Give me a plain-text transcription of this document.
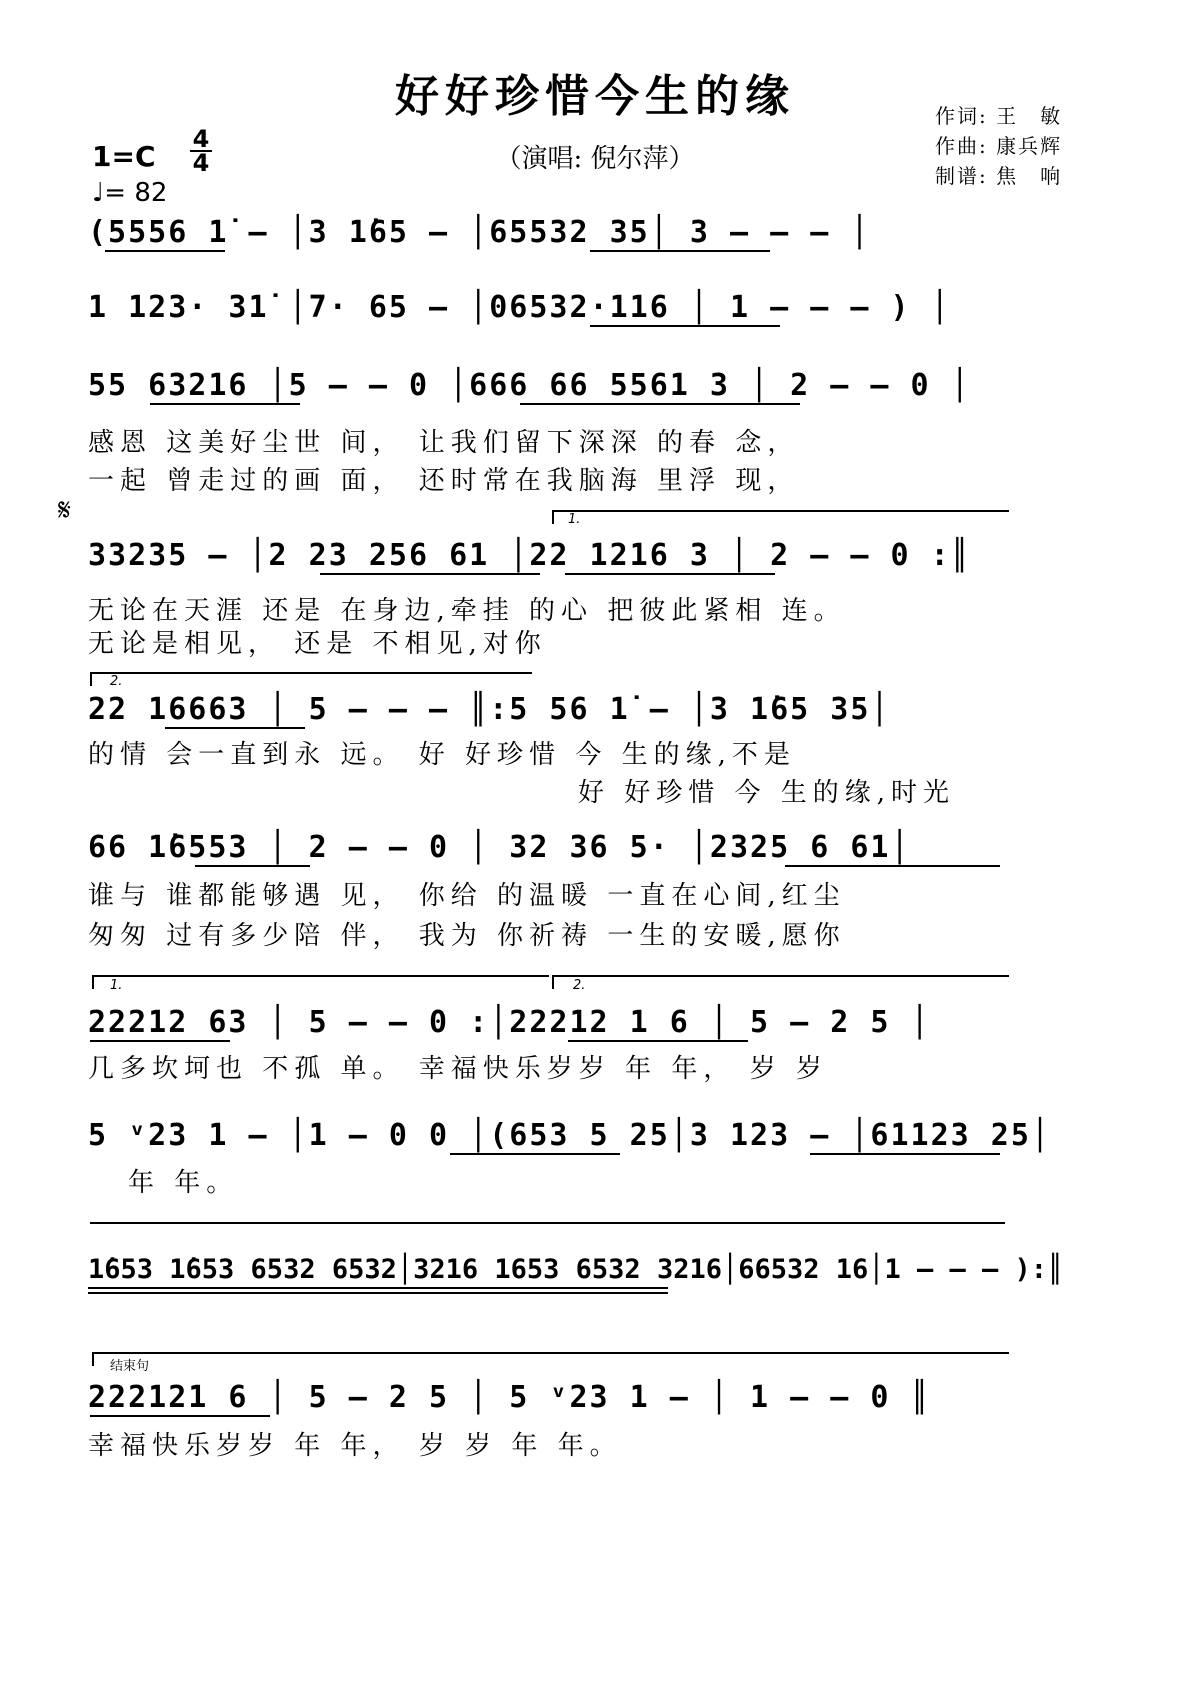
好好珍惜今生的缘
（演唱: 倪尔萍）
作词: 王　敏
作曲: 康兵辉
制谱: 焦　响
1=C
4
4
♩= 82
(5556 1̇ – │3 1̇65 – │65532 35│ 3 – – – │
1 123· 31̇ │7· 65 – │06532·116 │ 1 – – – ) │
55 63216 │5 – – 0 │666 66 5561 3 │ 2 – – 0 │
感恩 这美好尘世 间， 让我们留下深深 的春 念，
𝄋
一起 曾走过的画 面， 还时常在我脑海 里浮 现，
1.
33235 – │2 23 256 61 │22 1216 3 │ 2 – – 0 :║
无论在天涯 还是 在身边,牵挂 的心 把彼此紧相 连。
无论是相见， 还是 不相见,对你
2.
22 16663 │ 5 – – – ║:5 56 1̇ – │3 1̇65 35│
的情 会一直到永 远。 好 好珍惜 今 生的缘,不是
好 好珍惜 今 生的缘,时光
66 1̇6553 │ 2 – – 0 │ 32 36 5· │2325 6 61│
谁与 谁都能够遇 见， 你给 的温暖 一直在心间,红尘
匆匆 过有多少陪 伴， 我为 你祈祷 一生的安暖,愿你
1.	2.
22212 63 │ 5 – – 0 :│22212 1 6 │ 5 – 2 5 │
几多坎坷也 不孤 单。 幸福快乐岁岁 年 年， 岁 岁
5 ᵛ23 1 – │1 – 0 0 │(653 5 25│3 123 – │61123 25│
年 年。
1̇653 1̇653 6532 6532│3216 1653 6532 3216│66532 16│1 – – – ):║
结束句
222121 6 │ 5 – 2 5 │ 5 ᵛ23 1 – │ 1 – – 0 ║
幸福快乐岁岁 年 年， 岁 岁 年 年。
